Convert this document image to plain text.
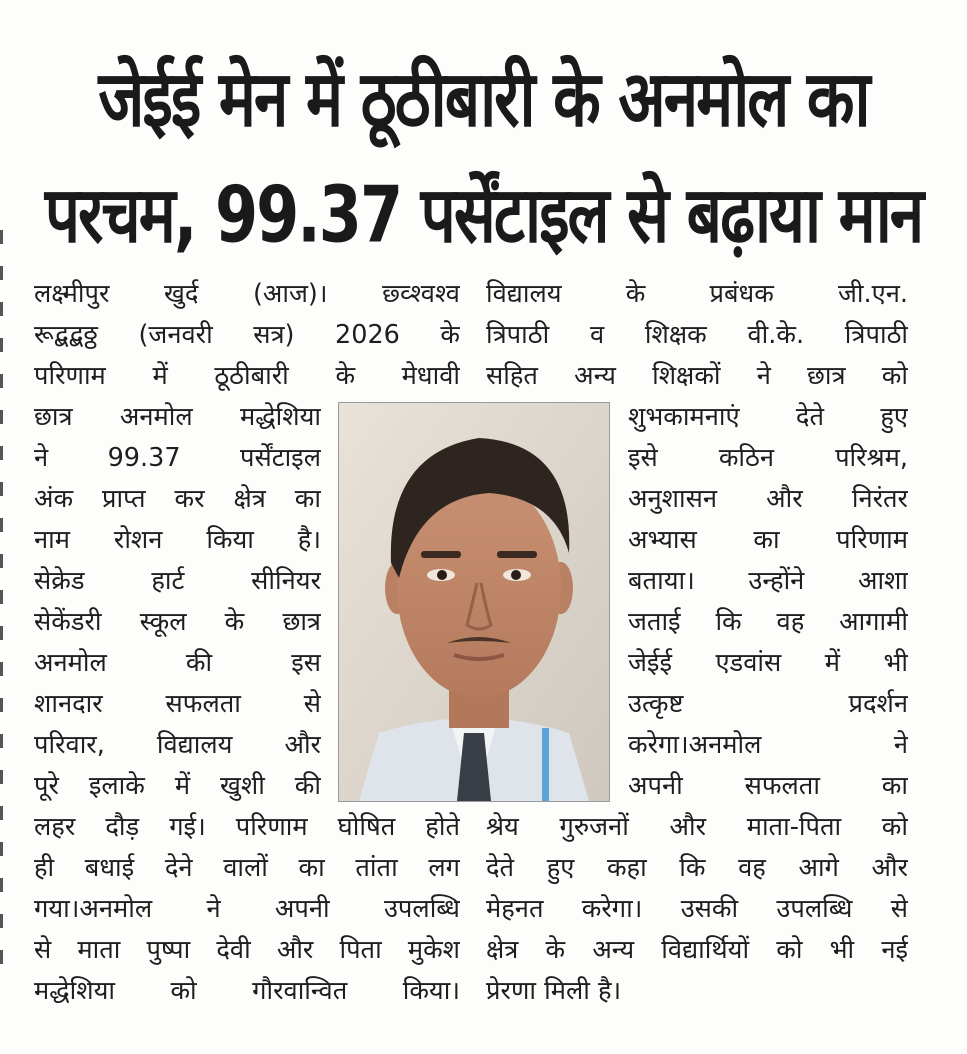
जेईई मेन में ठूठीबारी के अनमोल का
परचम, 99.37 पर्सेंटाइल से बढ़ाया मान

लक्ष्मीपुर खुर्द (आज)। छ्व्श्वश्व

रूद्बद्बठ्ठ (जनवरी सत्र) 2026 के

परिणाम में ठूठीबारी के मेधावी

विद्यालय के प्रबंधक जी.एन.

त्रिपाठी व शिक्षक वी.के. त्रिपाठी

सहित अन्य शिक्षकों ने छात्र को

छात्र अनमोल मद्धेशिया

ने 99.37 पर्सेंटाइल

अंक प्राप्त कर क्षेत्र का

नाम रोशन किया है।

सेक्रेड हार्ट सीनियर

सेकेंडरी स्कूल के छात्र

अनमोल की इस

शानदार सफलता से

परिवार, विद्यालय और

पूरे इलाके में खुशी की

शुभकामनाएं देते हुए

इसे कठिन परिश्रम,

अनुशासन और निरंतर

अभ्यास का परिणाम

बताया। उन्होंने आशा

जताई कि वह आगामी

जेईई एडवांस में भी

उत्कृष्ट प्रदर्शन

करेगा।अनमोल ने

अपनी सफलता का

लहर दौड़ गई। परिणाम घोषित होते

ही बधाई देने वालों का तांता लग

गया।अनमोल ने अपनी उपलब्धि

से माता पुष्पा देवी और पिता मुकेश

मद्धेशिया को गौरवान्वित किया।

श्रेय गुरुजनों और माता-पिता को

देते हुए कहा कि वह आगे और

मेहनत करेगा। उसकी उपलब्धि से

क्षेत्र के अन्य विद्यार्थियों को भी नई

प्रेरणा मिली है।
